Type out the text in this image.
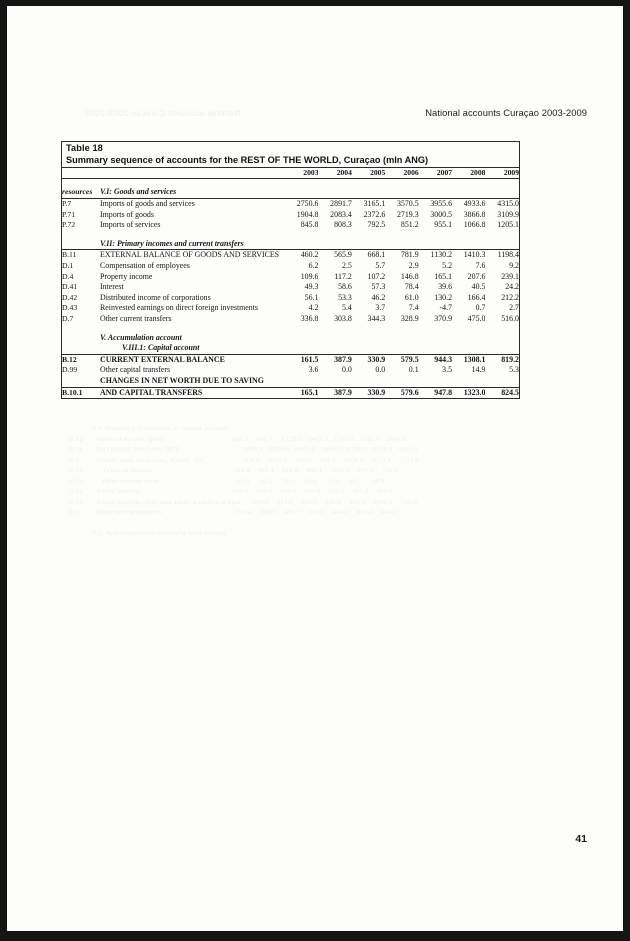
National accounts Curaçao 2003-2009
V.I: Secondary distribution of income account
B.5g       National income, gross                                   999.1    601.7    1,125.5   1462.0   1711.3   2015.7   2042.1
B.5n       NATIONAL INCOME, NET                                 5403.5   5834.6   6002.4   1869.1   6228.2   6532.4   4312.1
D.5        Current taxes on income, wealth, etc.                    608.9    1012.0    966.3    902.3    1004.4    1029.6    1024.0
D.51          Taxes on income                                          504.8    909.4    934.8    869.1    1032.2    971.2    712.8
D.59          Other current taxes                                        26.9     22.2     23.2     24.6     29.6     28.7     29.9
D.62       Social benefits                                               208.6    280.4    306.6    901.8    927.1    431.8    490.0
D.75       Social benefits other than social transfers in kind      304.6    313.9    322.5    339.6    429.5    1046.2    725.0
D.7        Other current transfers                                      374.4    298.5    401.7    370.0    446.6    813.4    614.0

V.1: Redistribution of income in kind account
National accounts Curaçao 2003-2009
41
Table 18
Summary sequence of accounts for the REST OF THE WORLD, Curaçao (mln ANG)								

		2003	2004	2005	2006	2007	2008	2009

resources	V.I: Goods and services							
P.7	Imports of goods and services	2750.6	2891.7	3165.1	3570.5	3955.6	4933.6	4315.0
P.71	Imports of goods	1904.8	2083.4	2372.6	2719.3	3000.5	3866.8	3109.9
P.72	Imports of services	845.8	808.3	792.5	851.2	955.1	1066.8	1205.1

	V.II: Primary incomes and current transfers							
B.11	EXTERNAL BALANCE OF GOODS AND SERVICES	460.2	565.9	668.1	781.9	1130.2	1410.3	1198.4
D.1	Compensation of employees	6.2	2.5	5.7	2.9	5.2	7.6	9.2
D.4	Property income	109.6	117.2	107.2	146.8	165.1	207.6	239.1
D.41	Interest	49.3	58.6	57.3	78.4	39.6	40.5	24.2
D.42	Distributed income of corporations	56.1	53.3	46.2	61.0	130.2	166.4	212.2
D.43	Reinvested earnings on direct foreign investments	4.2	5.4	3.7	7.4	-4.7	0.7	2.7
D.7	Other current transfers	336.8	303.8	344.3	328.9	370.9	475.0	516.0

	V. Accumulation account							

	V.III.1: Capital account							

B.12	CURRENT EXTERNAL BALANCE	161.5	387.9	330.9	579.5	944.3	1308.1	819.2
D.99	Other capital transfers	3.6	0.0	0.0	0.1	3.5	14.9	5.3
	CHANGES IN NET WORTH DUE TO SAVING							
B.10.1	AND CAPITAL TRANSFERS	165.1	387.9	330.9	579.6	947.8	1323.0	824.5
